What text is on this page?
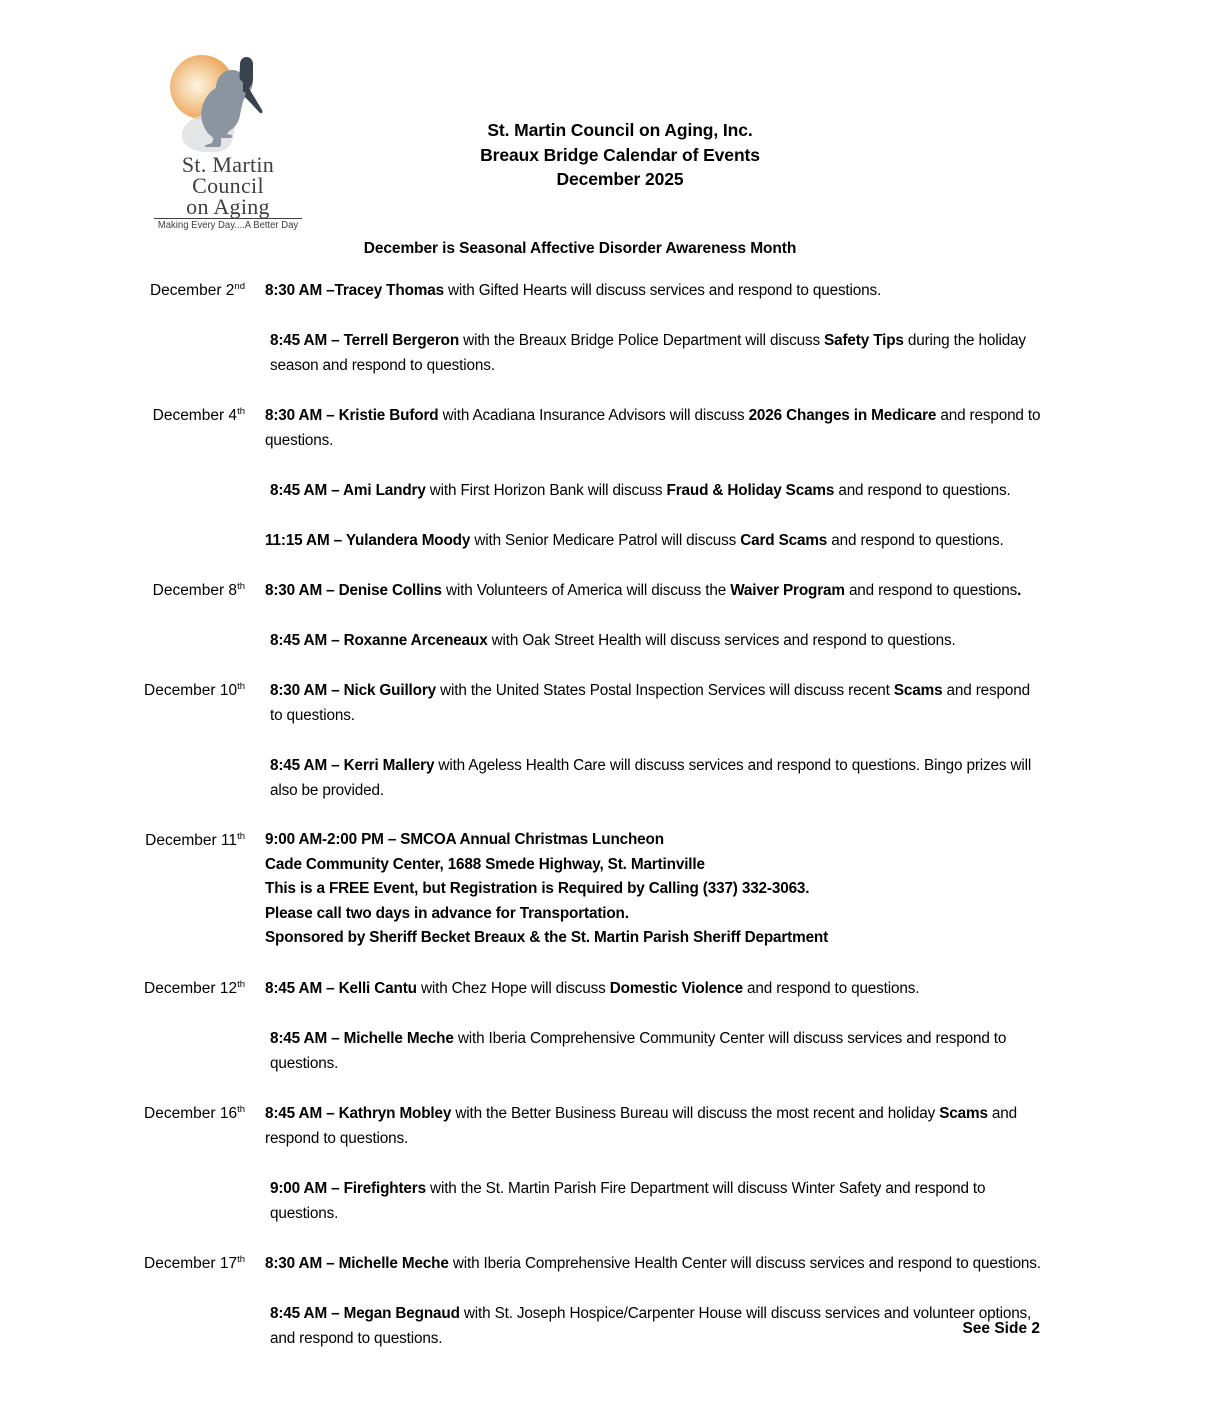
St. Martin
Council
on Aging
Making Every Day....A Better Day
St. Martin Council on Aging, Inc.
Breaux Bridge Calendar of Events
December 2025
December is Seasonal Affective Disorder Awareness Month
December 2nd 8:30 AM –Tracey Thomas with Gifted Hearts will discuss services and respond to questions.
8:45 AM – Terrell Bergeron with the Breaux Bridge Police Department will discuss Safety Tips during the holiday season and respond to questions.
December 4th 8:30 AM – Kristie Buford with Acadiana Insurance Advisors will discuss 2026 Changes in Medicare and respond to questions.
8:45 AM – Ami Landry with First Horizon Bank will discuss Fraud & Holiday Scams and respond to questions.
11:15 AM – Yulandera Moody with Senior Medicare Patrol will discuss Card Scams and respond to questions.
December 8th 8:30 AM – Denise Collins with Volunteers of America will discuss the Waiver Program and respond to questions.
8:45 AM – Roxanne Arceneaux with Oak Street Health will discuss services and respond to questions.
December 10th	8:30 AM – Nick Guillory with the United States Postal Inspection Services will discuss recent Scams and respond to questions.
8:45 AM – Kerri Mallery with Ageless Health Care will discuss services and respond to questions. Bingo prizes will also be provided.
December 11th 9:00 AM-2:00 PM – SMCOA Annual Christmas Luncheon
Cade Community Center, 1688 Smede Highway, St. Martinville
This is a FREE Event, but Registration is Required by Calling (337) 332-3063.
Please call two days in advance for Transportation.
Sponsored by Sheriff Becket Breaux & the St. Martin Parish Sheriff Department
December 12th 8:45 AM – Kelli Cantu with Chez Hope will discuss Domestic Violence and respond to questions.
8:45 AM – Michelle Meche with Iberia Comprehensive Community Center will discuss services and respond to questions.
December 16th 8:45 AM – Kathryn Mobley with the Better Business Bureau will discuss the most recent and holiday Scams and respond to questions.
9:00 AM – Firefighters with the St. Martin Parish Fire Department will discuss Winter Safety and respond to questions.
December 17th 8:30 AM – Michelle Meche with Iberia Comprehensive Health Center will discuss services and respond to questions.
8:45 AM – Megan Begnaud with St. Joseph Hospice/Carpenter House will discuss services and volunteer options, and respond to questions.
See Side 2
